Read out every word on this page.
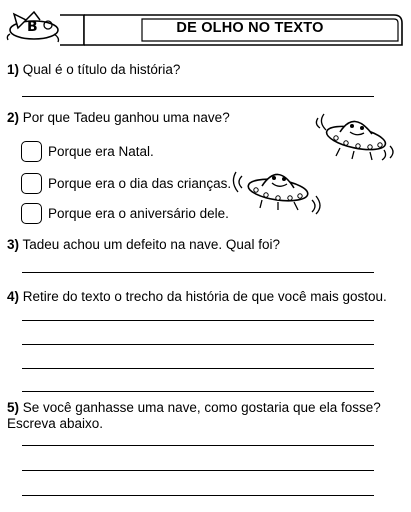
B	DE OLHO NO TEXTO
1) Qual é o título da história?
2) Por que Tadeu ganhou uma nave?
Porque era Natal.
Porque era o dia das crianças.
Porque era o aniversário dele.
3) Tadeu achou um defeito na nave. Qual foi?
4) Retire do texto o trecho da história de que você mais gostou.
5) Se você ganhasse uma nave, como gostaria que ela fosse? Escreva abaixo.
